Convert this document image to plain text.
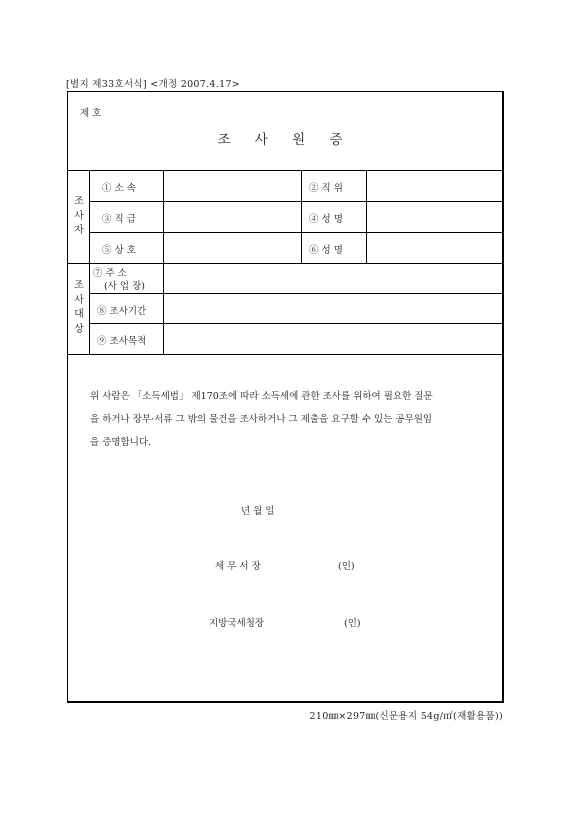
[별지 제33호서식] <개정 2007.4.17>
제 호
조 사 원 증
조
사
자
조
사
대
상
① 소 속	② 직 위
③ 직 급	④ 성 명
⑤ 상 호	⑥ 성 명
⑦ 주 소
(사 업 장)
⑧ 조사기간
⑨ 조사목적
위 사람은 「소득세법」 제170조에 따라 소득세에 관한 조사를 위하여 필요한 질문
을 하거나 장부·서류 그 밖의 물건을 조사하거나 그 제출을 요구할 수 있는 공무원임
을 증명합니다.
년 월 일
세 무 서 장	(인)
지방국세청장	(인)
210㎜×297㎜(신문용지 54g/㎡(재활용품))
